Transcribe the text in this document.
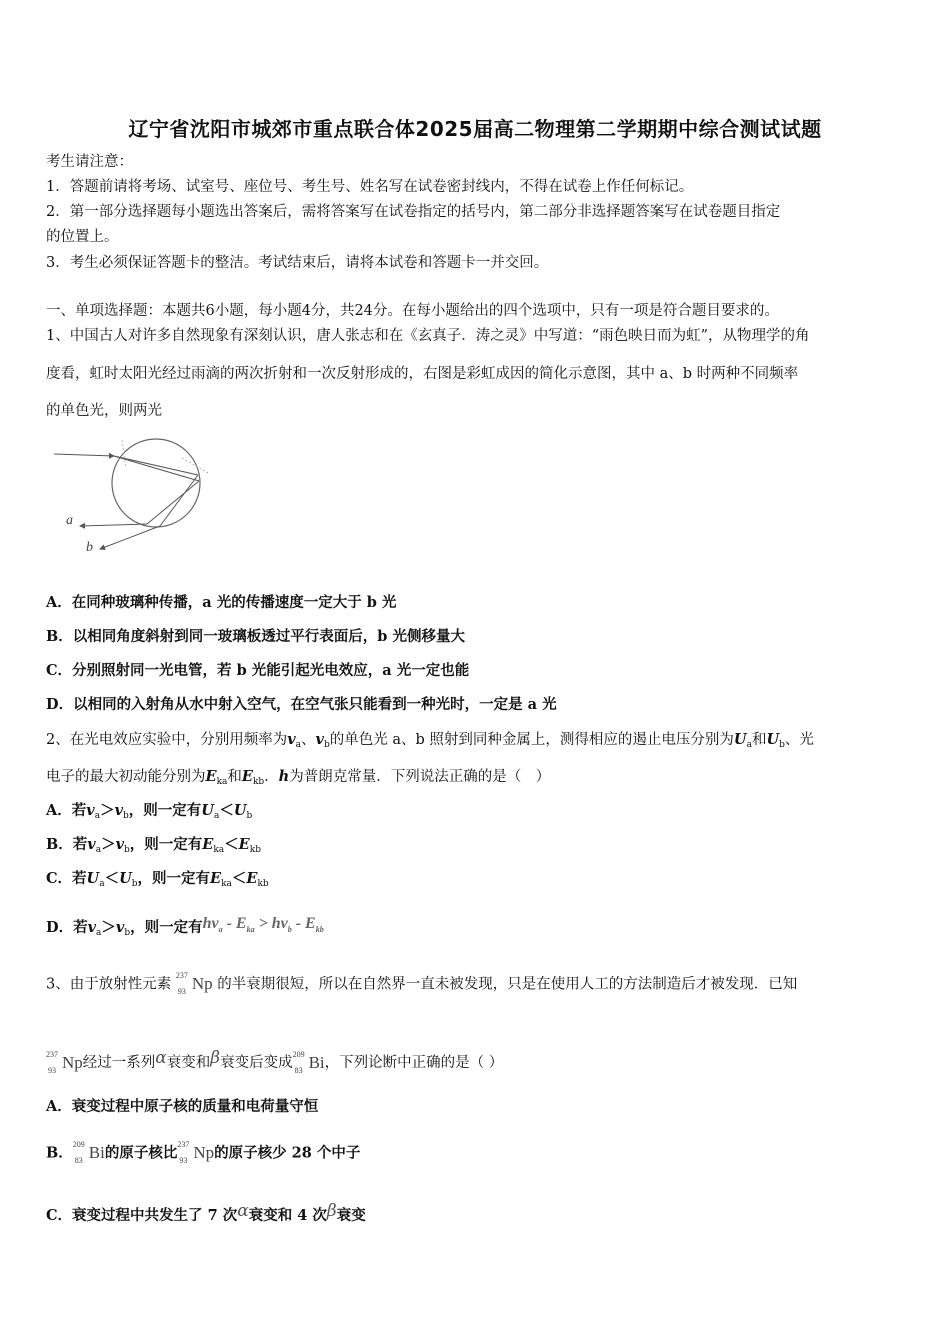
辽宁省沈阳市城郊市重点联合体2025届高二物理第二学期期中综合测试试题
考生请注意：
1．答题前请将考场、试室号、座位号、考生号、姓名写在试卷密封线内，不得在试卷上作任何标记。
2．第一部分选择题每小题选出答案后，需将答案写在试卷指定的括号内，第二部分非选择题答案写在试卷题目指定
的位置上。
3．考生必须保证答题卡的整洁。考试结束后，请将本试卷和答题卡一并交回。
一、单项选择题：本题共6小题，每小题4分，共24分。在每小题给出的四个选项中，只有一项是符合题目要求的。
1、中国古人对许多自然现象有深刻认识，唐人张志和在《玄真子．涛之灵》中写道：“雨色映日而为虹”，从物理学的角
度看，虹时太阳光经过雨滴的两次折射和一次反射形成的，右图是彩虹成因的简化示意图，其中 a、b 时两种不同频率
的单色光，则两光
a
b
A．在同种玻璃种传播，a 光的传播速度一定大于 b 光
B．以相同角度斜射到同一玻璃板透过平行表面后，b 光侧移量大
C．分别照射同一光电管，若 b 光能引起光电效应，a 光一定也能
D．以相同的入射角从水中射入空气，在空气张只能看到一种光时，一定是 a 光
2、在光电效应实验中，分别用频率为$v_a$、$v_b$的单色光 a、b 照射到同种金属上，测得相应的遏止电压分别为$U_a$和$U_b$、光
电子的最大初动能分别为$E_{ka}$和$E_{kb}$．h为普朗克常量．下列说法正确的是（　）
A．若$v_a>v_b$，则一定有$U_a<U_b$
B．若$v_a>v_b$，则一定有$E_{ka}<E_{kb}$
C．若$U_a<U_b$，则一定有$E_{ka}<E_{kb}$
D．若$v_a>v_b$，则一定有$hv_a - E_{ka} > hv_b - E_{kb}$
3、由于放射性元素
237
93 Np 的半衰期很短，所以在自然界一直未被发现，只是在使用人工的方法制造后才被发现．已知
237
93 Np经过一系列α衰变和β衰变后变成
209
83 Bi，下列论断中正确的是（ ）
A．衰变过程中原子核的质量和电荷量守恒
B． 209
83 Bi的原子核比 237
93 Np的原子核少 28 个中子
C．衰变过程中共发生了 7 次α衰变和 4 次β衰变
